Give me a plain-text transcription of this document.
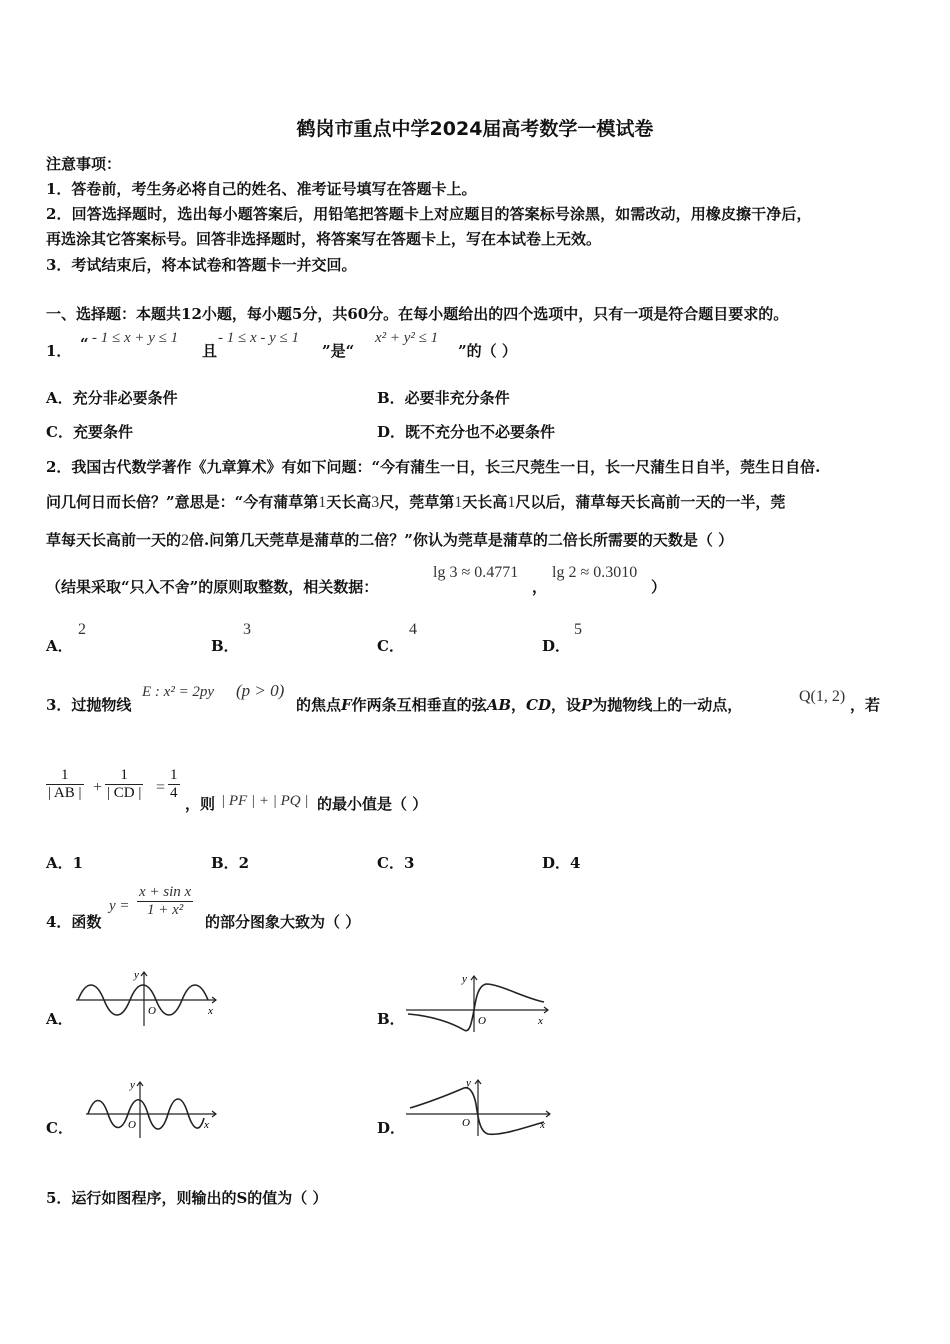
鹤岗市重点中学2024届高考数学一模试卷
注意事项：
1．答卷前，考生务必将自己的姓名、准考证号填写在答题卡上。
2．回答选择题时，选出每小题答案后，用铅笔把答题卡上对应题目的答案标号涂黑，如需改动，用橡皮擦干净后，
再选涂其它答案标号。回答非选择题时，将答案写在答题卡上，写在本试卷上无效。
3．考试结束后，将本试卷和答题卡一并交回。
一、选择题：本题共12小题，每小题5分，共60分。在每小题给出的四个选项中，只有一项是符合题目要求的。
1． “ - 1 ≤ x + y ≤ 1
且
- 1 ≤ x - y ≤ 1
”是“
x² + y² ≤ 1
”的（ ）
A．充分非必要条件	B．必要非充分条件
C．充要条件	D．既不充分也不必要条件
2．我国古代数学著作《九章算术》有如下问题：“今有蒲生一日，长三尺莞生一日，长一尺蒲生日自半，莞生日自倍.
问几何日而长倍？”意思是：“今有蒲草第1天长高3尺，莞草第1天长高1尺以后，蒲草每天长高前一天的一半，莞
草每天长高前一天的2倍.问第几天莞草是蒲草的二倍？”你认为莞草是蒲草的二倍长所需要的天数是（ ）
（结果采取“只入不舍”的原则取整数，相关数据：
lg 3 ≈ 0.4771
，
lg 2 ≈ 0.3010
）
A．
2
B．
3
C．
4
D．
5
3．过抛物线
E : x² = 2py (p > 0)
的焦点F作两条互相垂直的弦AB，CD，设P为抛物线上的一动点，	Q(1, 2) ，若
$\frac{1}{| AB |} + \frac{1}{| CD |} = \frac{1}{4}$
，则 | PF | + | PQ | 的最小值是（ ）
A．1	B．2	C．3	D．4
4．函数
$y = \frac{\text{x + sin x}}{\text{1 + x²}}$
的部分图象大致为（ ）
A．	B．
C．	D．
y
O	x
y
O	x
y
O	x
y
O	x
5．运行如图程序，则输出的S的值为（ ）
